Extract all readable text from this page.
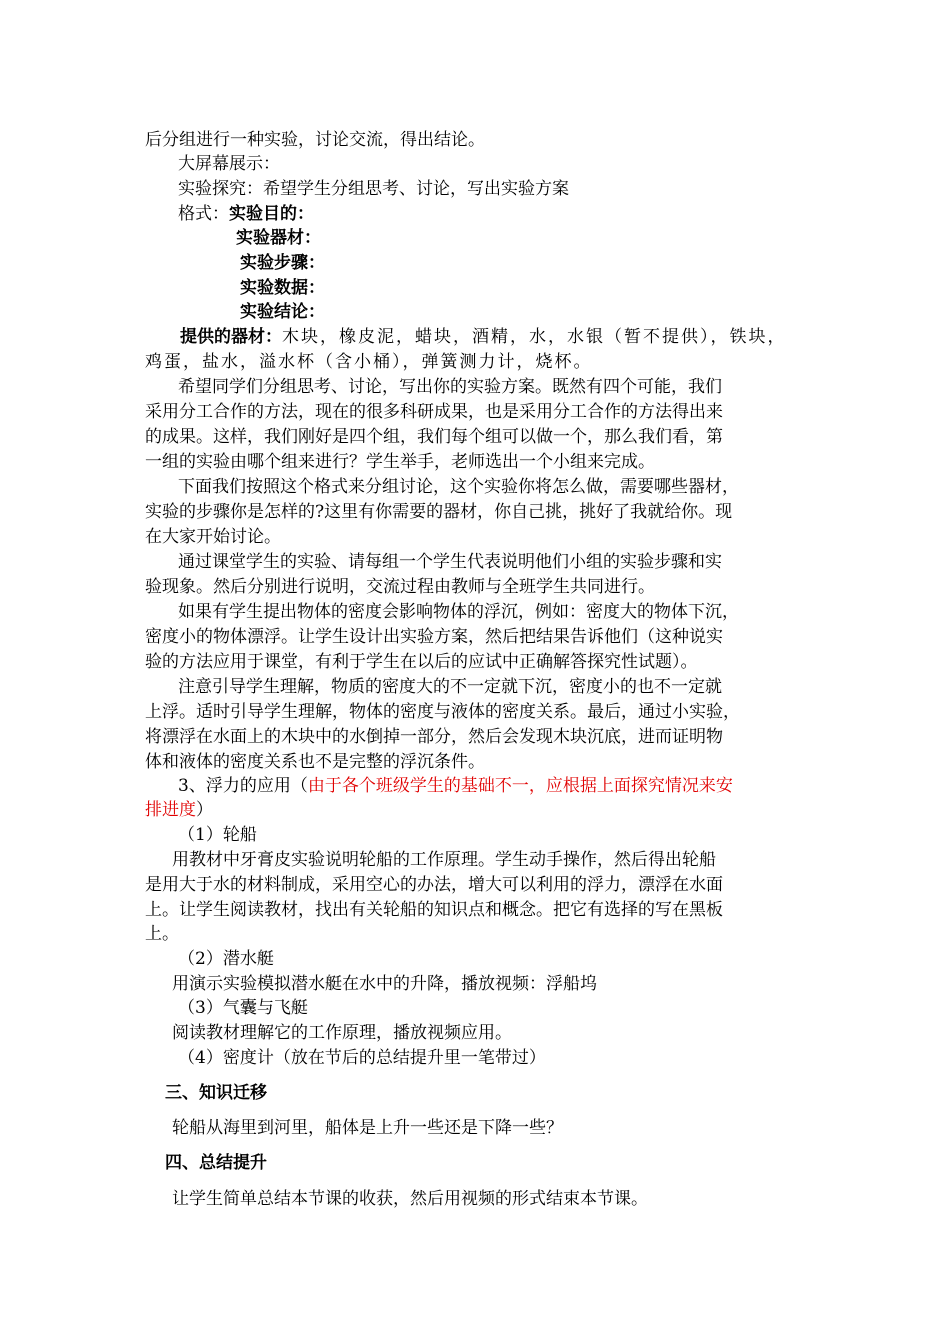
后分组进行一种实验，讨论交流，得出结论。
大屏幕展示：
实验探究：希望学生分组思考、讨论，写出实验方案
格式：实验目的：
实验器材：
实验步骤：
实验数据：
实验结论：
提供的器材：木块，橡皮泥，蜡块，酒精，水，水银（暂不提供），铁块，
鸡蛋，盐水，溢水杯（含小桶），弹簧测力计，烧杯。
希望同学们分组思考、讨论，写出你的实验方案。既然有四个可能，我们
采用分工合作的方法，现在的很多科研成果，也是采用分工合作的方法得出来
的成果。这样，我们刚好是四个组，我们每个组可以做一个，那么我们看，第
一组的实验由哪个组来进行？学生举手，老师选出一个小组来完成。
下面我们按照这个格式来分组讨论，这个实验你将怎么做，需要哪些器材，
实验的步骤你是怎样的?这里有你需要的器材，你自己挑，挑好了我就给你。现
在大家开始讨论。
通过课堂学生的实验、请每组一个学生代表说明他们小组的实验步骤和实
验现象。然后分别进行说明，交流过程由教师与全班学生共同进行。
如果有学生提出物体的密度会影响物体的浮沉，例如：密度大的物体下沉，
密度小的物体漂浮。让学生设计出实验方案，然后把结果告诉他们（这种说实
验的方法应用于课堂，有利于学生在以后的应试中正确解答探究性试题）。
注意引导学生理解，物质的密度大的不一定就下沉，密度小的也不一定就
上浮。适时引导学生理解，物体的密度与液体的密度关系。最后，通过小实验，
将漂浮在水面上的木块中的水倒掉一部分，然后会发现木块沉底，进而证明物
体和液体的密度关系也不是完整的浮沉条件。
3、浮力的应用（由于各个班级学生的基础不一，应根据上面探究情况来安
排进度）
（1）轮船
用教材中牙膏皮实验说明轮船的工作原理。学生动手操作，然后得出轮船
是用大于水的材料制成，采用空心的办法，增大可以利用的浮力，漂浮在水面
上。让学生阅读教材，找出有关轮船的知识点和概念。把它有选择的写在黑板
上。
（2）潜水艇
用演示实验模拟潜水艇在水中的升降，播放视频：浮船坞
（3）气囊与飞艇
阅读教材理解它的工作原理，播放视频应用。
（4）密度计（放在节后的总结提升里一笔带过）
三、知识迁移
轮船从海里到河里，船体是上升一些还是下降一些？
四、总结提升
让学生简单总结本节课的收获，然后用视频的形式结束本节课。
